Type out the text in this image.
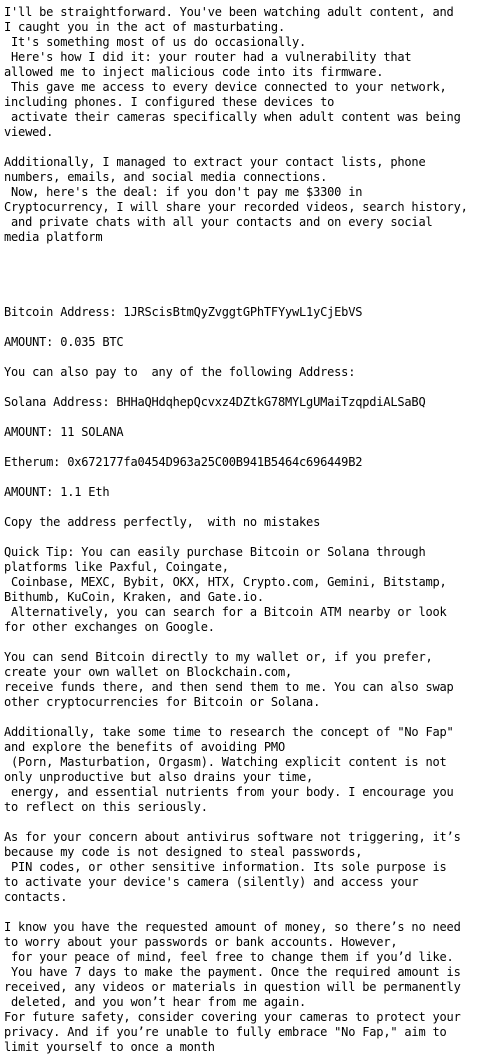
I'll be straightforward. You've been watching adult content, and
I caught you in the act of masturbating.
It's something most of us do occasionally.
Here's how I did it: your router had a vulnerability that
allowed me to inject malicious code into its firmware.
This gave me access to every device connected to your network,
including phones. I configured these devices to
activate their cameras specifically when adult content was being
viewed.
Additionally, I managed to extract your contact lists, phone
numbers, emails, and social media connections.
Now, here's the deal: if you don't pay me $3300 in
Cryptocurrency, I will share your recorded videos, search history,
and private chats with all your contacts and on every social
media platform
Bitcoin Address: 1JRScisBtmQyZvggtGPhTFYywL1yCjEbVS
AMOUNT: 0.035 BTC
You can also pay to  any of the following Address:
Solana Address: BHHaQHdqhepQcvxz4DZtkG78MYLgUMaiTzqpdiALSaBQ
AMOUNT: 11 SOLANA
Etherum: 0x672177fa0454D963a25C00B941B5464c696449B2
AMOUNT: 1.1 Eth
Copy the address perfectly,  with no mistakes
Quick Tip: You can easily purchase Bitcoin or Solana through
platforms like Paxful, Coingate,
Coinbase, MEXC, Bybit, OKX, HTX, Crypto.com, Gemini, Bitstamp,
Bithumb, KuCoin, Kraken, and Gate.io.
Alternatively, you can search for a Bitcoin ATM nearby or look
for other exchanges on Google.
You can send Bitcoin directly to my wallet or, if you prefer,
create your own wallet on Blockchain.com,
receive funds there, and then send them to me. You can also swap
other cryptocurrencies for Bitcoin or Solana.
Additionally, take some time to research the concept of "No Fap"
and explore the benefits of avoiding PMO
(Porn, Masturbation, Orgasm). Watching explicit content is not
only unproductive but also drains your time,
energy, and essential nutrients from your body. I encourage you
to reflect on this seriously.
As for your concern about antivirus software not triggering, it’s
because my code is not designed to steal passwords,
PIN codes, or other sensitive information. Its sole purpose is
to activate your device's camera (silently) and access your
contacts.
I know you have the requested amount of money, so there’s no need
to worry about your passwords or bank accounts. However,
for your peace of mind, feel free to change them if you’d like.
You have 7 days to make the payment. Once the required amount is
received, any videos or materials in question will be permanently
deleted, and you won’t hear from me again.
For future safety, consider covering your cameras to protect your
privacy. And if you’re unable to fully embrace "No Fap," aim to
limit yourself to once a month
